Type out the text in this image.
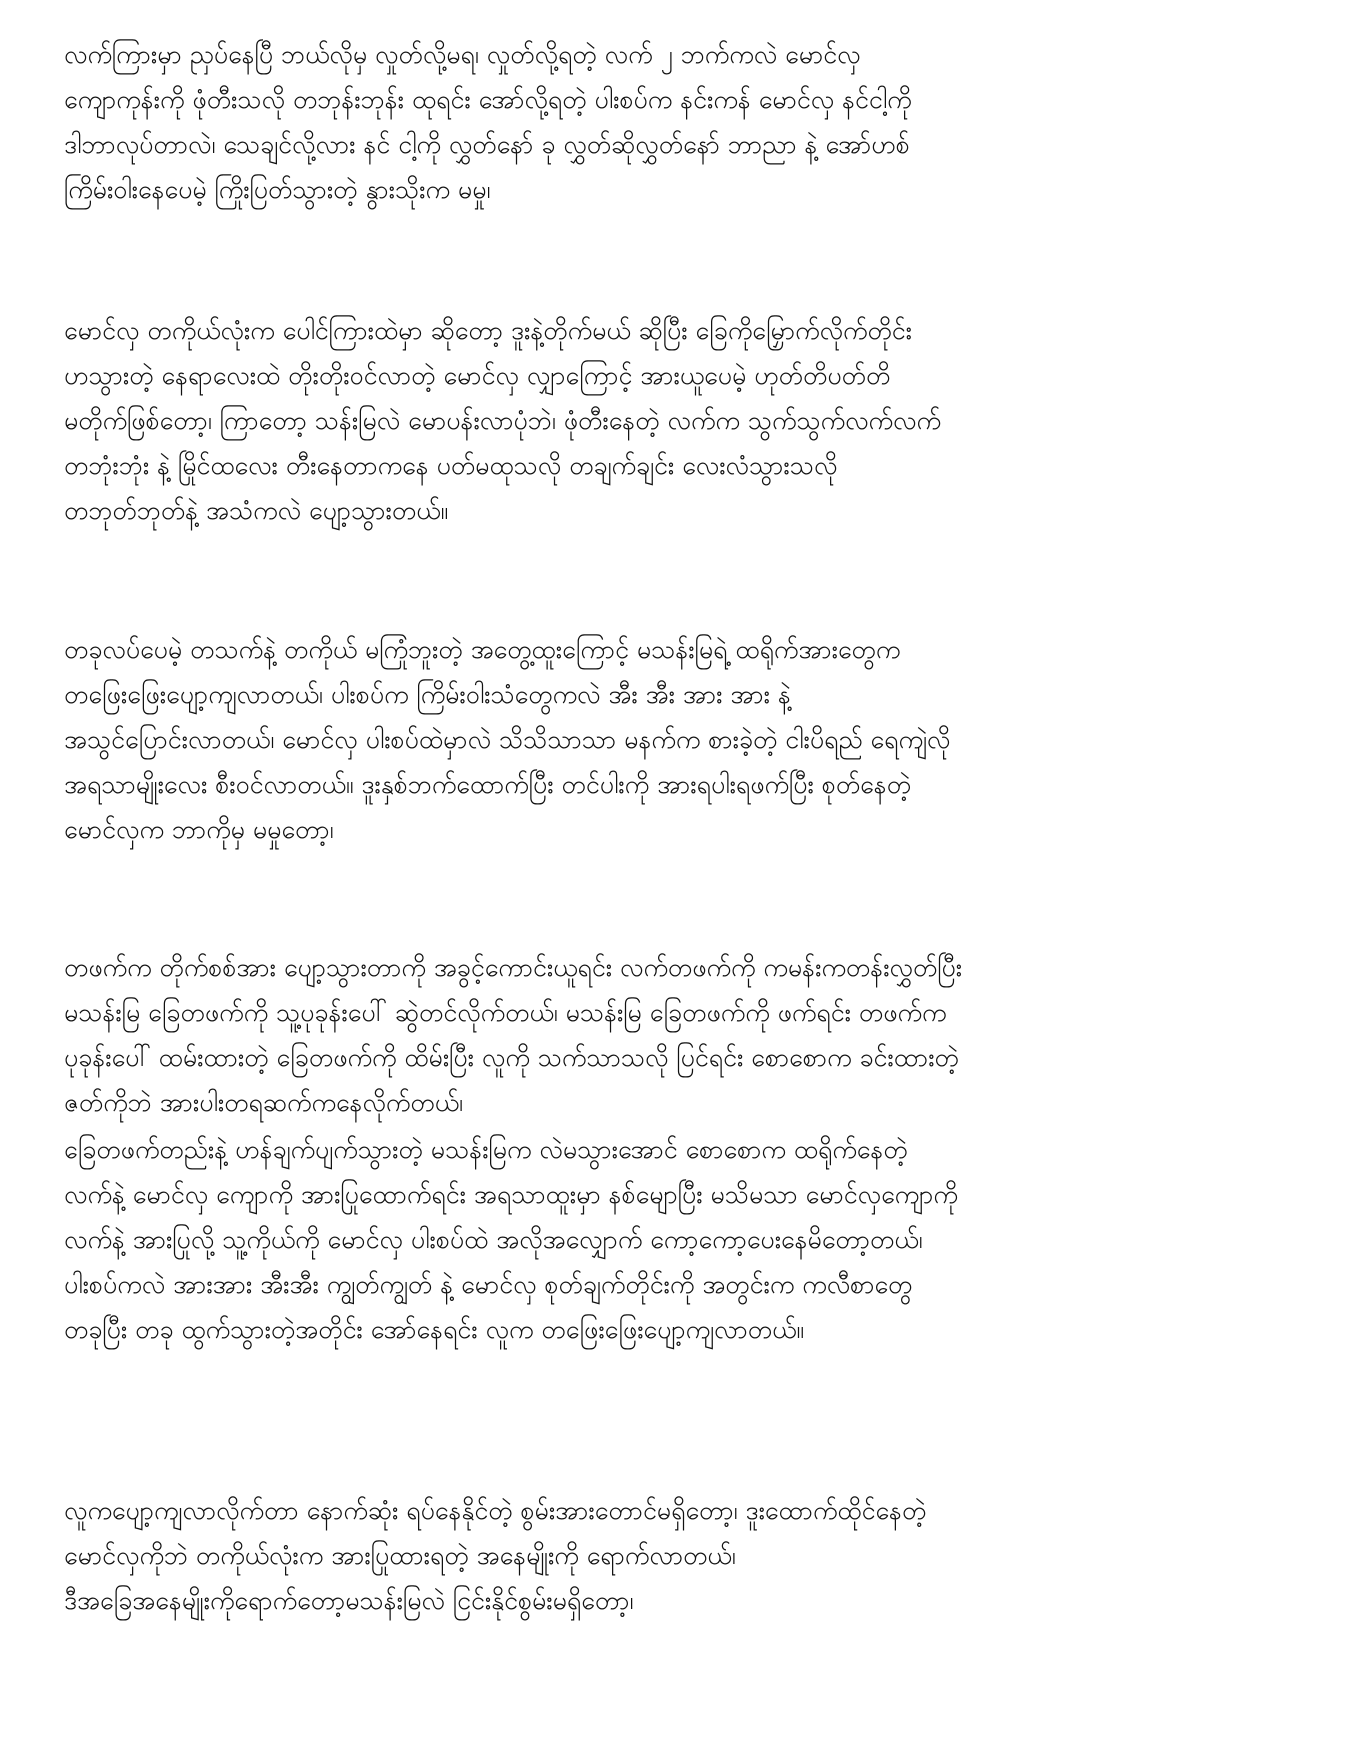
လက်ကြားမှာ ညှပ်နေပြီ ဘယ်လိုမှ လှုတ်လို့မရ၊ လှုတ်လို့ရတဲ့ လက် ၂ ဘက်ကလဲ မောင်လှ
ကျောကုန်းကို ဖုံတီးသလို တဘုန်းဘုန်း ထုရင်း အော်လို့ရတဲ့ ပါးစပ်က နင်းကန် မောင်လှ နင်ငါ့ကို
ဒါဘာလုပ်တာလဲ၊ သေချင်လို့လား နင် ငါ့ကို လွှတ်နော် ခု လွှတ်ဆိုလွှတ်နော် ဘာညာ နဲ့ အော်ဟစ်
ကြိမ်းဝါးနေပေမဲ့ ကြိုးပြတ်သွားတဲ့ နွားသိုးက မမှု၊
မောင်လှ တကိုယ်လုံးက ပေါင်ကြားထဲမှာ ဆိုတော့ ဒူးနဲ့တိုက်မယ် ဆိုပြီး ခြေကိုမြှောက်လိုက်တိုင်း
ဟသွားတဲ့ နေရာလေးထဲ တိုးတိုးဝင်လာတဲ့ မောင်လှ လျှာကြောင့် အားယူပေမဲ့ ဟုတ်တိပတ်တိ
မတိုက်ဖြစ်တော့၊ ကြာတော့ သန်းမြလဲ မောပန်းလာပုံဘဲ၊ ဖုံတီးနေတဲ့ လက်က သွက်သွက်လက်လက်
တဘုံးဘုံး နဲ့ မြိုင်ထလေး တီးနေတာကနေ ပတ်မထုသလို တချက်ချင်း လေးလံသွားသလို
တဘုတ်ဘုတ်နဲ့ အသံကလဲ ပျော့သွားတယ်။
တခုလပ်ပေမဲ့ တသက်နဲ့ တကိုယ် မကြုံဘူးတဲ့ အတွေ့ထူးကြောင့် မသန်းမြရဲ့ ထရိုက်အားတွေက
တဖြေးဖြေးပျော့ကျလာတယ်၊ ပါးစပ်က ကြိမ်းဝါးသံတွေကလဲ အီး အီး အား အား နဲ့
အသွင်ပြောင်းလာတယ်၊ မောင်လှ ပါးစပ်ထဲမှာလဲ သိသိသာသာ မနက်က စားခဲ့တဲ့ ငါးပိရည် ရေကျဲလို
အရသာမျိုးလေး စီးဝင်လာတယ်။ ဒူးနှစ်ဘက်ထောက်ပြီး တင်ပါးကို အားရပါးရဖက်ပြီး စုတ်နေတဲ့
မောင်လှက ဘာကိုမှ မမှုတော့၊
တဖက်က တိုက်စစ်အား ပျော့သွားတာကို အခွင့်ကောင်းယူရင်း လက်တဖက်ကို ကမန်းကတန်းလွှတ်ပြီး
မသန်းမြ ခြေတဖက်ကို သူ့ပုခုန်းပေါ် ဆွဲတင်လိုက်တယ်၊ မသန်းမြ ခြေတဖက်ကို ဖက်ရင်း တဖက်က
ပုခုန်းပေါ် ထမ်းထားတဲ့ ခြေတဖက်ကို ထိမ်းပြီး လူကို သက်သာသလို ပြင်ရင်း စောစောက ခင်းထားတဲ့
ဇတ်ကိုဘဲ အားပါးတရဆက်ကနေလိုက်တယ်၊
ခြေတဖက်တည်းနဲ့ ဟန်ချက်ပျက်သွားတဲ့ မသန်းမြက လဲမသွားအောင် စောစောက ထရိုက်နေတဲ့
လက်နဲ့ မောင်လှ ကျောကို အားပြုထောက်ရင်း အရသာထူးမှာ နစ်မျောပြီး မသိမသာ မောင်လှကျောကို
လက်နဲ့ အားပြုလို့ သူ့ကိုယ်ကို မောင်လှ ပါးစပ်ထဲ အလိုအလျှောက် ကော့ကော့ပေးနေမိတော့တယ်၊
ပါးစပ်ကလဲ အားအား အီးအီး ကျွတ်ကျွတ် နဲ့ မောင်လှ စုတ်ချက်တိုင်းကို အတွင်းက ကလီစာတွေ
တခုပြီး တခု ထွက်သွားတဲ့အတိုင်း အော်နေရင်း လူက တဖြေးဖြေးပျော့ကျလာတယ်။
လူကပျော့ကျလာလိုက်တာ နောက်ဆုံး ရပ်နေနိုင်တဲ့ စွမ်းအားတောင်မရှိတော့၊ ဒူးထောက်ထိုင်နေတဲ့
မောင်လှကိုဘဲ တကိုယ်လုံးက အားပြုထားရတဲ့ အနေမျိုးကို ရောက်လာတယ်၊
ဒီအခြေအနေမျိုးကိုရောက်တော့မသန်းမြလဲ ငြင်းနိုင်စွမ်းမရှိတော့၊
